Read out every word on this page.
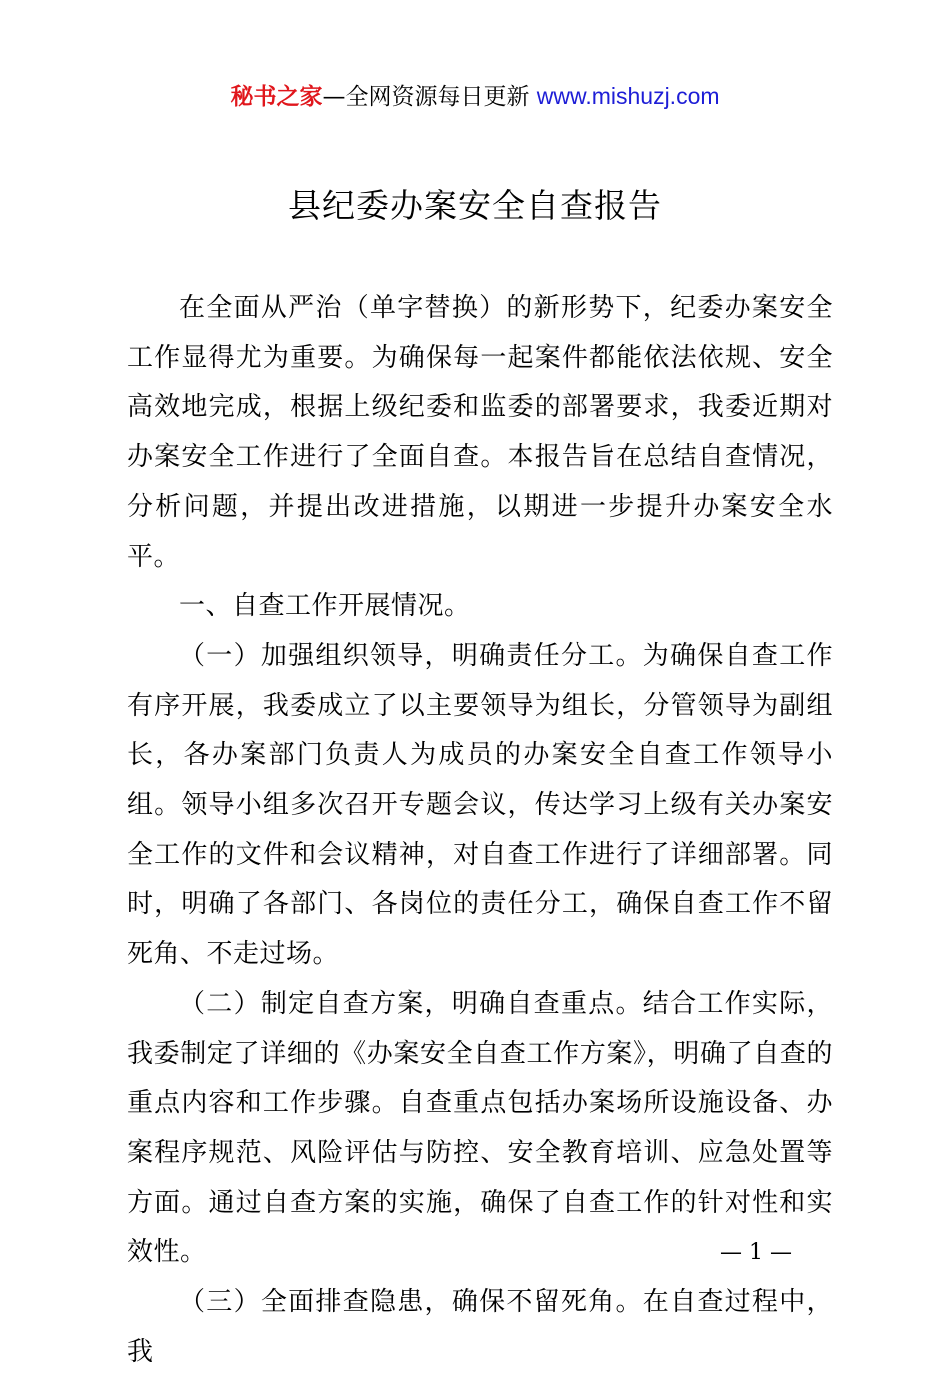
秘书之家—全网资源每日更新 www.mishuzj.com
县纪委办案安全自查报告

在全面从严治（单字替换）的新形势下，纪委办案安全工作显得尤为重要。为确保每一起案件都能依法依规、安全高效地完成，根据上级纪委和监委的部署要求，我委近期对办案安全工作进行了全面自查。本报告旨在总结自查情况，分析问题，并提出改进措施，以期进一步提升办案安全水平。

一、自查工作开展情况。

（一）加强组织领导，明确责任分工。为确保自查工作有序开展，我委成立了以主要领导为组长，分管领导为副组长，各办案部门负责人为成员的办案安全自查工作领导小组。领导小组多次召开专题会议，传达学习上级有关办案安全工作的文件和会议精神，对自查工作进行了详细部署。同时，明确了各部门、各岗位的责任分工，确保自查工作不留死角、不走过场。

（二）制定自查方案，明确自查重点。结合工作实际，我委制定了详细的《办案安全自查工作方案》，明确了自查的重点内容和工作步骤。自查重点包括办案场所设施设备、办案程序规范、风险评估与防控、安全教育培训、应急处置等方面。通过自查方案的实施，确保了自查工作的针对性和实效性。

（三）全面排查隐患，确保不留死角。在自查过程中，我

— 1 —
